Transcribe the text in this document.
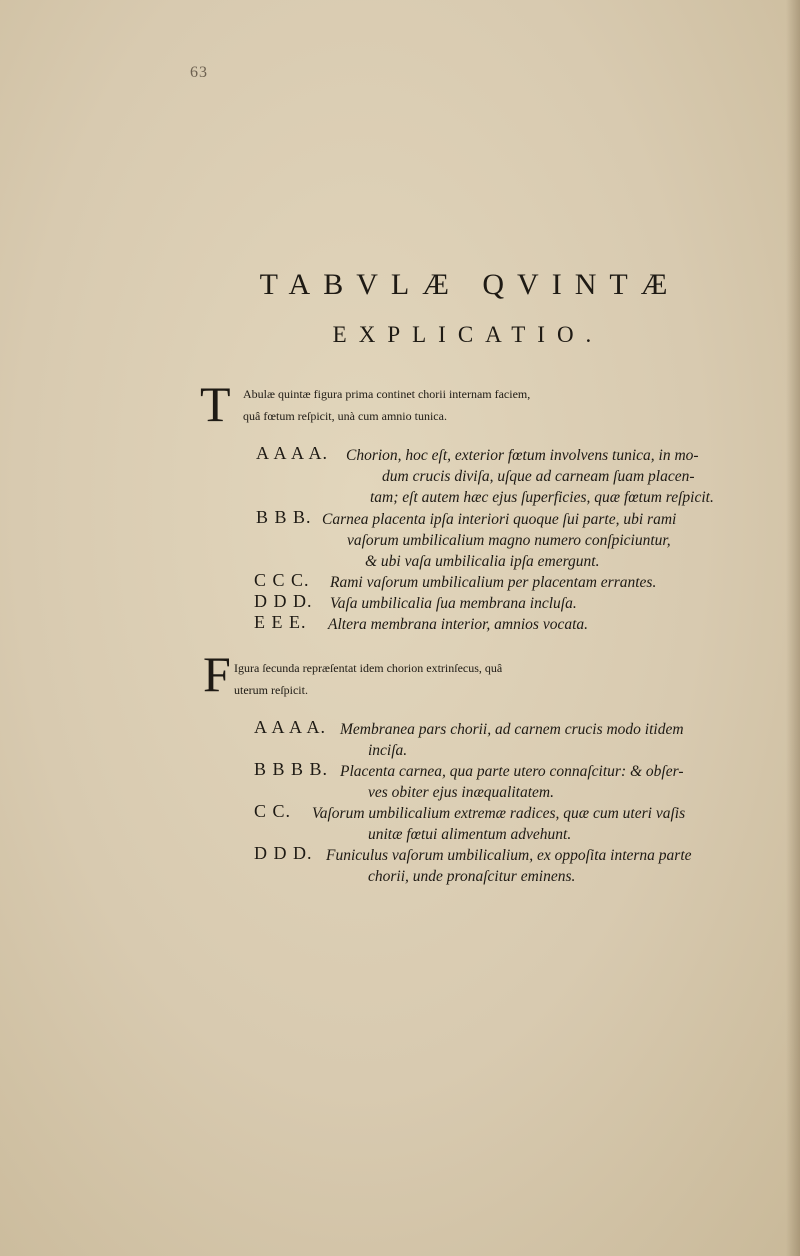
63
TABVLÆ QVINTÆ
EXPLICATIO.
T Abulæ quintæ figura prima continet chorii internam faciem,
quâ fœtum reſpicit, unà cum amnio tunica.
A A A A. Chorion, hoc eſt, exterior fœtum involvens tunica, in mo-
dum crucis diviſa, uſque ad carneam ſuam placen-
tam; eſt autem hæc ejus ſuperficies, quæ fœtum reſpicit.
B B B. Carnea placenta ipſa interiori quoque ſui parte, ubi rami
vaſorum umbilicalium magno numero conſpiciuntur,
& ubi vaſa umbilicalia ipſa emergunt.
C C C. Rami vaſorum umbilicalium per placentam errantes.
D D D. Vaſa umbilicalia ſua membrana incluſa.
E E E. Altera membrana interior, amnios vocata.
F Igura ſecunda repræſentat idem chorion extrinſecus, quâ
uterum reſpicit.
A A A A. Membranea pars chorii, ad carnem crucis modo itidem
inciſa.
B B B B. Placenta carnea, qua parte utero connaſcitur: & obſer-
ves obiter ejus inæqualitatem.
C C. Vaſorum umbilicalium extremæ radices, quæ cum uteri vaſis
unitæ fœtui alimentum advehunt.
D D D. Funiculus vaſorum umbilicalium, ex oppoſita interna parte
chorii, unde pronaſcitur eminens.
